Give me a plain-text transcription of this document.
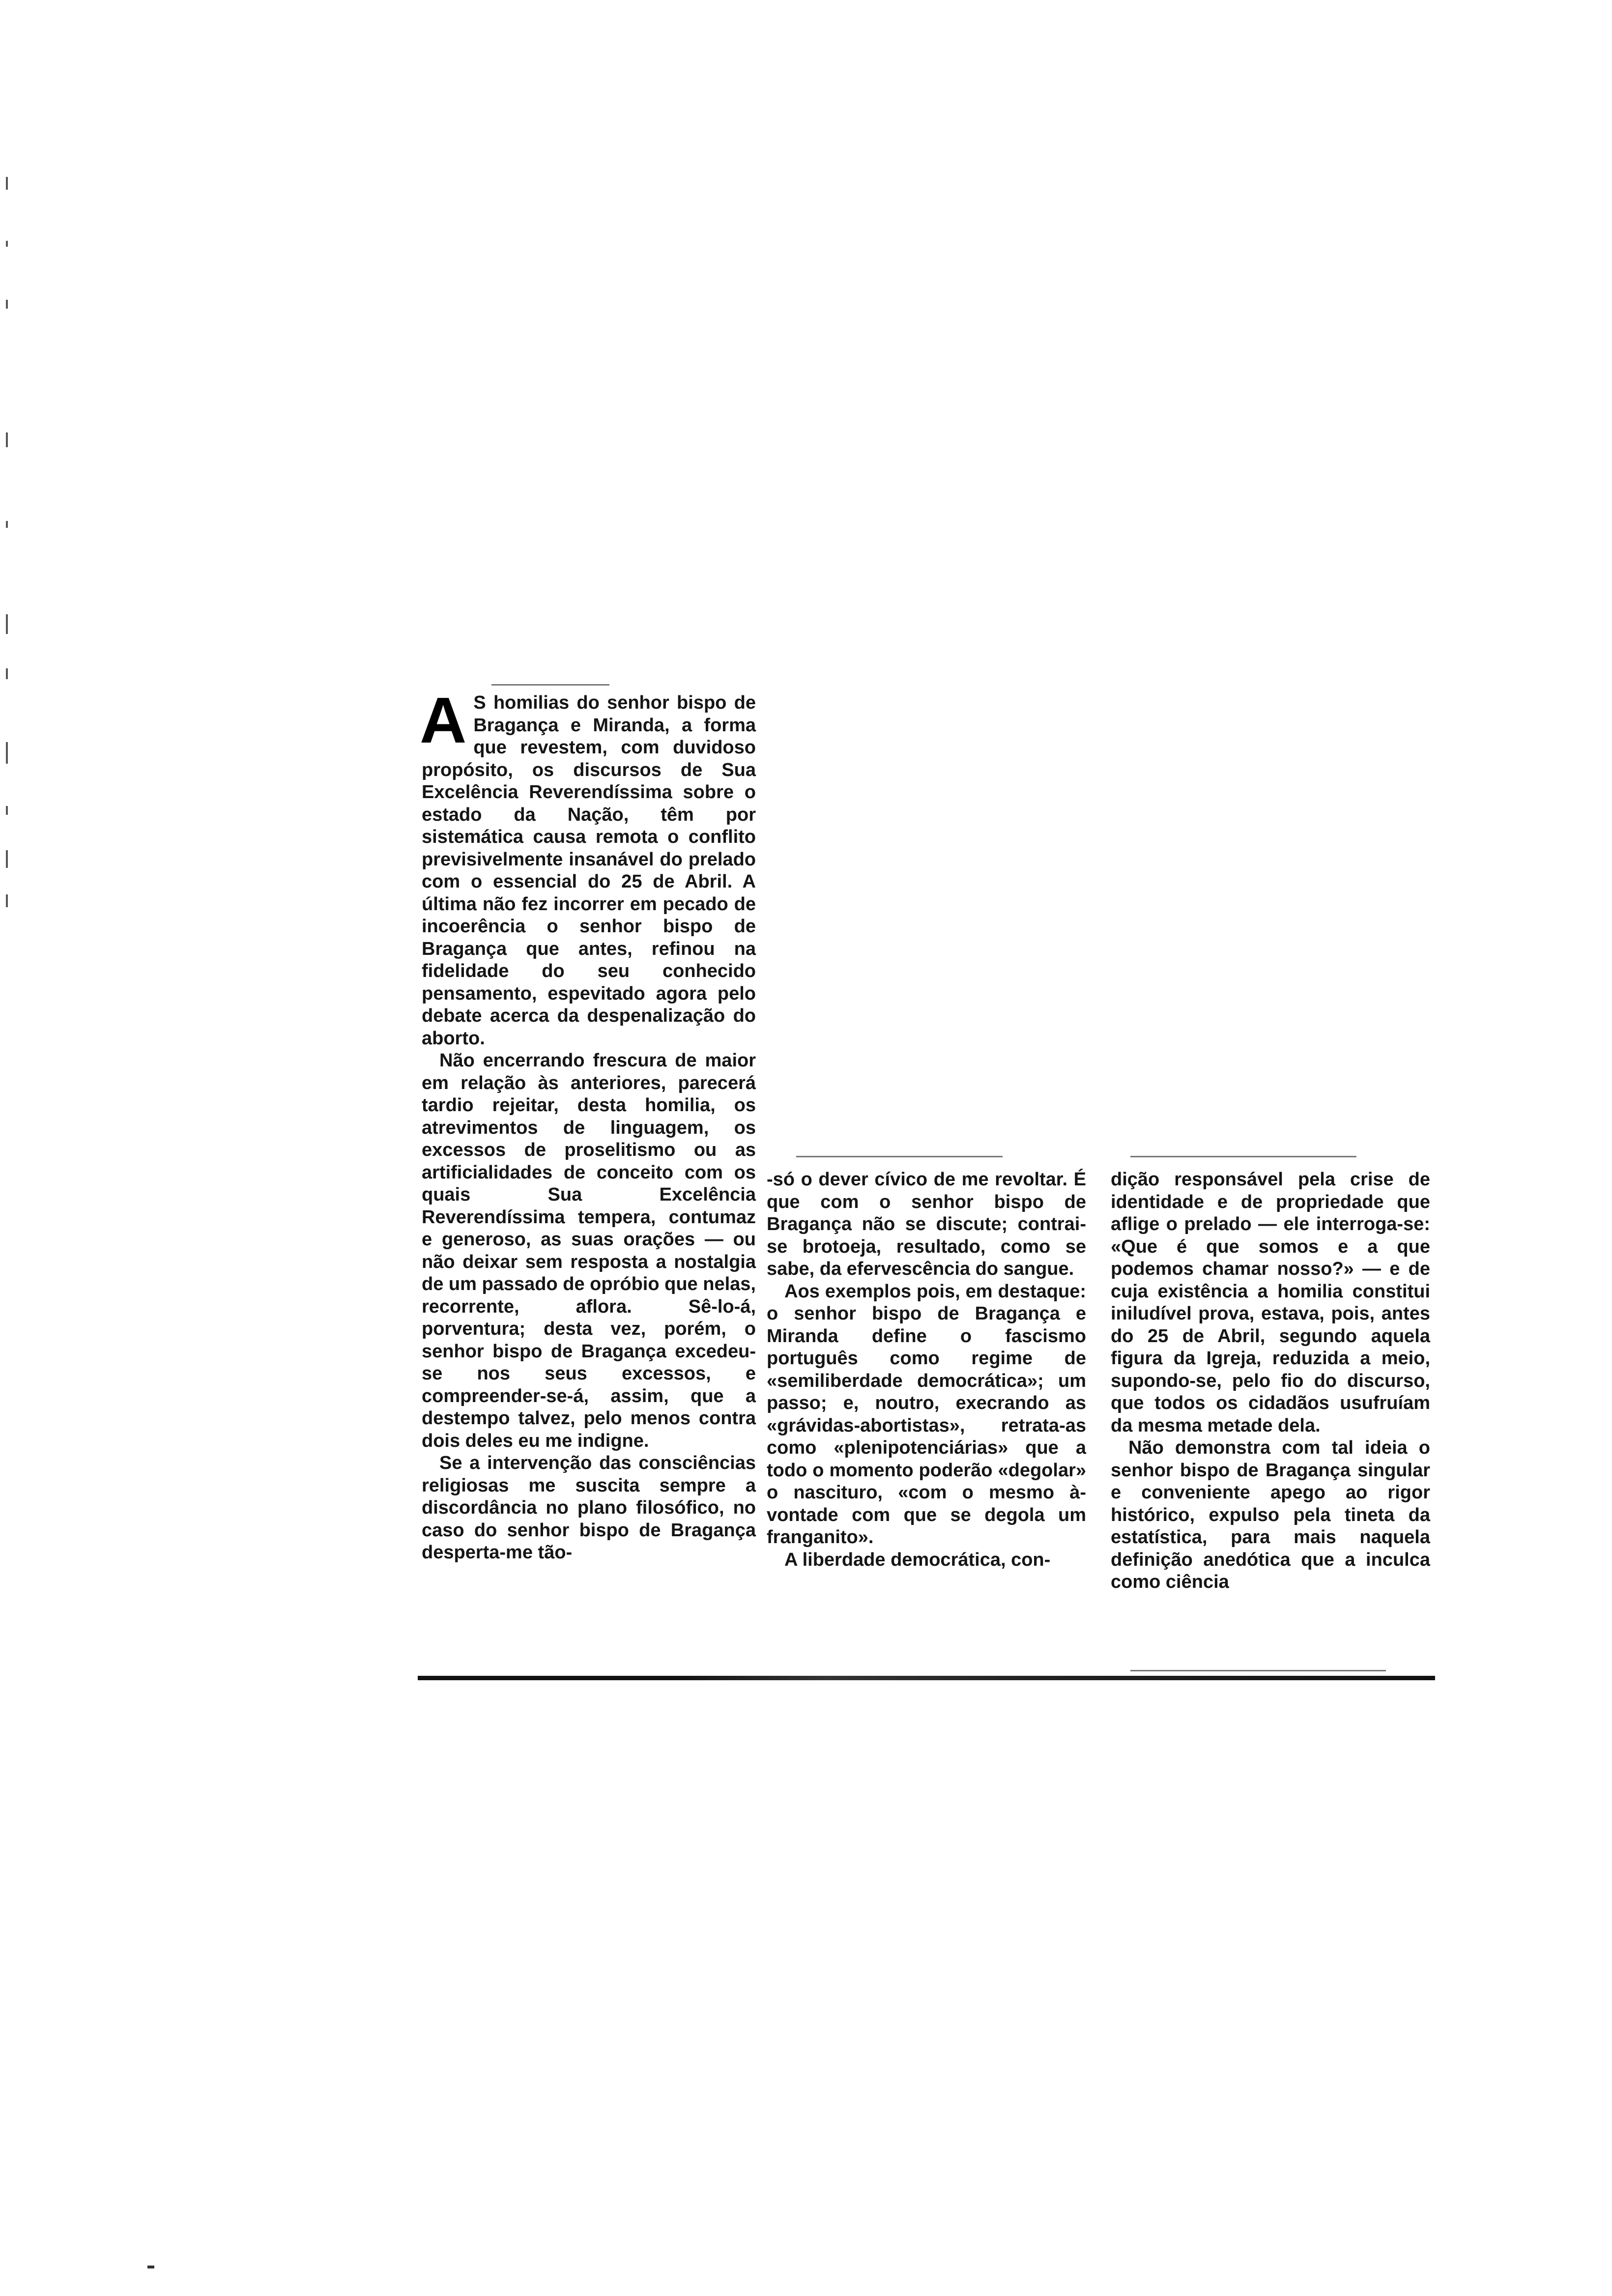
A S homilias do senhor bispo de Bragança e Miranda, a forma que revestem, com duvidoso propósito, os discursos de Sua Excelência Reverendíssima sobre o estado da Nação, têm por sistemática causa remota o conflito previsivelmente insanável do prelado com o essencial do 25 de Abril. A última não fez incorrer em pecado de incoerência o senhor bispo de Bragança que antes, refinou na fidelidade do seu conhecido pensamento, espevitado agora pelo debate acerca da despenalização do aborto.

Não encerrando frescura de maior em relação às anteriores, parecerá tardio rejeitar, desta homilia, os atrevimentos de linguagem, os excessos de proselitismo ou as artificialidades de conceito com os quais Sua Excelência Reverendíssima tempera, contumaz e generoso, as suas orações — ou não deixar sem resposta a nostalgia de um passado de opróbio que nelas, recorrente, aflora. Sê-lo-á, porventura; desta vez, porém, o senhor bispo de Bragança excedeu-se nos seus excessos, e compreender-se-á, assim, que a destempo talvez, pelo menos contra dois deles eu me indigne.

Se a intervenção das consciências religiosas me suscita sempre a discordância no plano filosófico, no caso do senhor bispo de Bragança desperta-me tão-

-só o dever cívico de me revoltar. É que com o senhor bispo de Bragança não se discute; contrai-se brotoeja, resultado, como se sabe, da efervescência do sangue.

Aos exemplos pois, em destaque: o senhor bispo de Bragança e Miranda define o fascismo português como regime de «semiliberdade democrática»; um passo; e, noutro, execrando as «grávidas-abortistas», retrata-as como «plenipotenciárias» que a todo o momento poderão «degolar» o nascituro, «com o mesmo à-vontade com que se degola um franganito».

A liberdade democrática, con-

dição responsável pela crise de identidade e de propriedade que aflige o prelado — ele interroga-se: «Que é que somos e a que podemos chamar nosso?» — e de cuja existência a homilia constitui iniludível prova, estava, pois, antes do 25 de Abril, segundo aquela figura da Igreja, reduzida a meio, supondo-se, pelo fio do discurso, que todos os cidadãos usufruíam da mesma metade dela.

Não demonstra com tal ideia o senhor bispo de Bragança singular e conveniente apego ao rigor histórico, expulso pela tineta da estatística, para mais naquela definição anedótica que a inculca como ciência
